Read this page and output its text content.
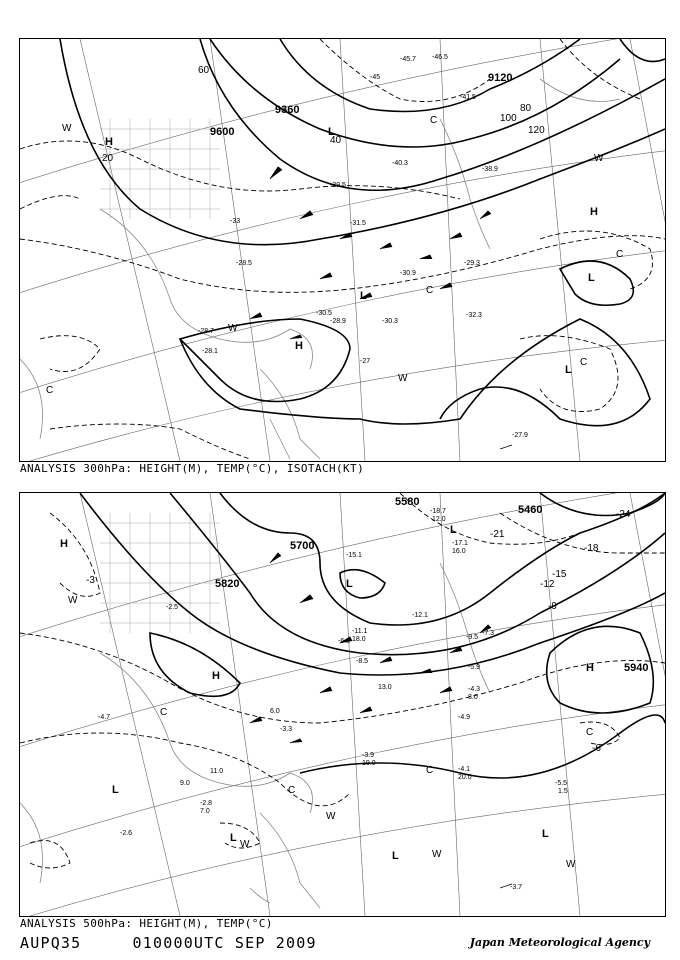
9600
9360
9120
20
40
60
80
100
120
H
H
H
L
L
L
L
W
W
W
W
C
C
C
C
C
-45
-46.5
-45.7
-41.5
-39.5
-40.3
-38.9
-33	-31.5
-30.9
-30.5
-29.3
-28.9
-28.7
-28.5
-28.1
-27
-27.9
-30.3
-32.3
ANALYSIS 300hPa: HEIGHT(M), TEMP(°C), ISOTACH(KT)
5580
5460
5700
5820
5940
-3
-6
-9
-12
-15
-18
-21
-24
H
H
H
L
L
L
L
L
L
W
W
W
W
W
C
C
C
C
-18.7
-17.1
-15.1
-12.1
-11.1
-9.5
-8.5
-7.3
-6.8
-5.9
-5.5
-4.9
-4.7
-4.3
-4.1
-3.9
-3.7
-3.3
-2.8
-2.6
-2.5
12.0
16.0
18.0
20.0
19.0
13.0
11.0
9.0
8.0
7.0
6.0
1.5
ANALYSIS 500hPa: HEIGHT(M), TEMP(°C)
AUPQ35	010000UTC SEP 2009	Japan Meteorological Agency
